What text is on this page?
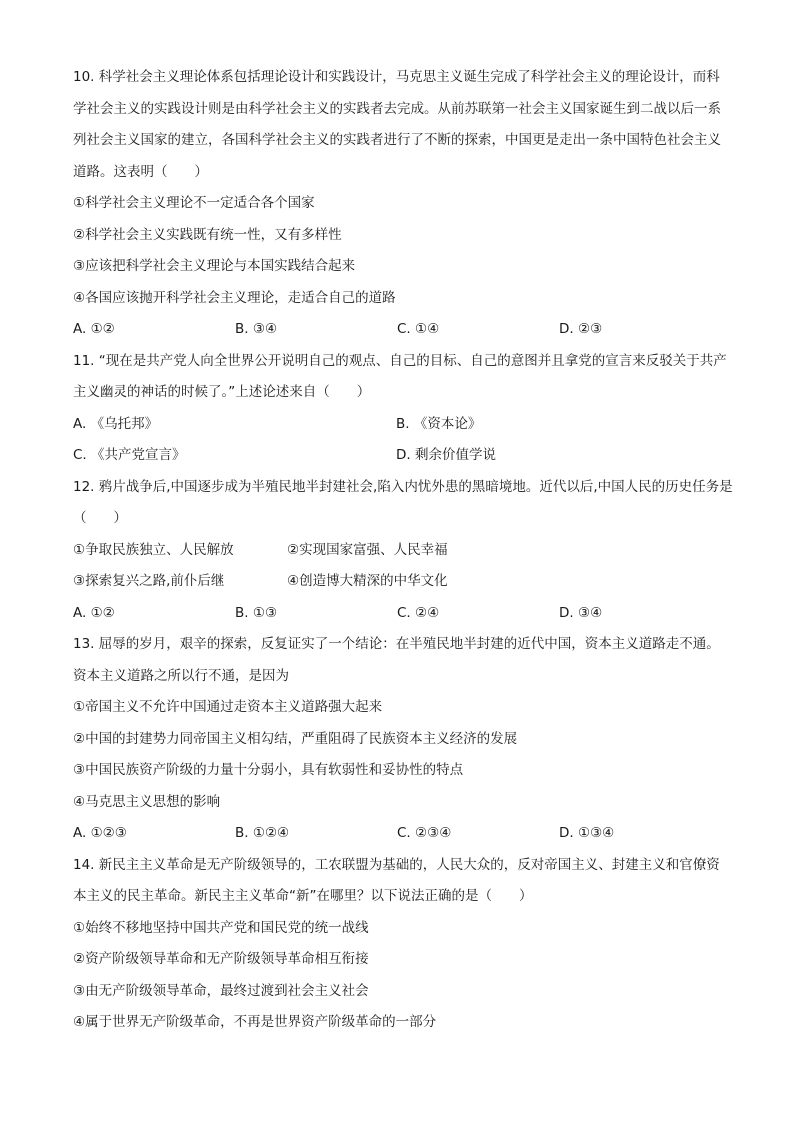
10. 科学社会主义理论体系包括理论设计和实践设计，马克思主义诞生完成了科学社会主义的理论设计，而科学社会主义的实践设计则是由科学社会主义的实践者去完成。从前苏联第一社会主义国家诞生到二战以后一系列社会主义国家的建立，各国科学社会主义的实践者进行了不断的探索，中国更是走出一条中国特色社会主义道路。这表明（　　）

①科学社会主义理论不一定适合各个国家
②科学社会主义实践既有统一性，又有多样性
③应该把科学社会主义理论与本国实践结合起来
④各国应该抛开科学社会主义理论，走适合自己的道路
A. ①②	B. ③④	C. ①④	D. ②③

11. “现在是共产党人向全世界公开说明自己的观点、自己的目标、自己的意图并且拿党的宣言来反驳关于共产主义幽灵的神话的时候了。”上述论述来自（　　）

A. 《乌托邦》	B. 《资本论》
C. 《共产党宣言》	D. 剩余价值学说

12. 鸦片战争后,中国逐步成为半殖民地半封建社会,陷入内忧外患的黑暗境地。近代以后,中国人民的历史任务是（　　）

①争取民族独立、人民解放	②实现国家富强、人民幸福
③探索复兴之路,前仆后继	④创造博大精深的中华文化
A. ①②	B. ①③	C. ②④	D. ③④

13. 屈辱的岁月，艰辛的探索，反复证实了一个结论：在半殖民地半封建的近代中国，资本主义道路走不通。资本主义道路之所以行不通，是因为

①帝国主义不允许中国通过走资本主义道路强大起来
②中国的封建势力同帝国主义相勾结，严重阻碍了民族资本主义经济的发展
③中国民族资产阶级的力量十分弱小，具有软弱性和妥协性的特点
④马克思主义思想的影响
A. ①②③	B. ①②④	C. ②③④	D. ①③④

14. 新民主主义革命是无产阶级领导的，工农联盟为基础的，人民大众的，反对帝国主义、封建主义和官僚资本主义的民主革命。新民主主义革命“新”在哪里？以下说法正确的是（　　）

①始终不移地坚持中国共产党和国民党的统一战线
②资产阶级领导革命和无产阶级领导革命相互衔接
③由无产阶级领导革命，最终过渡到社会主义社会
④属于世界无产阶级革命，不再是世界资产阶级革命的一部分
